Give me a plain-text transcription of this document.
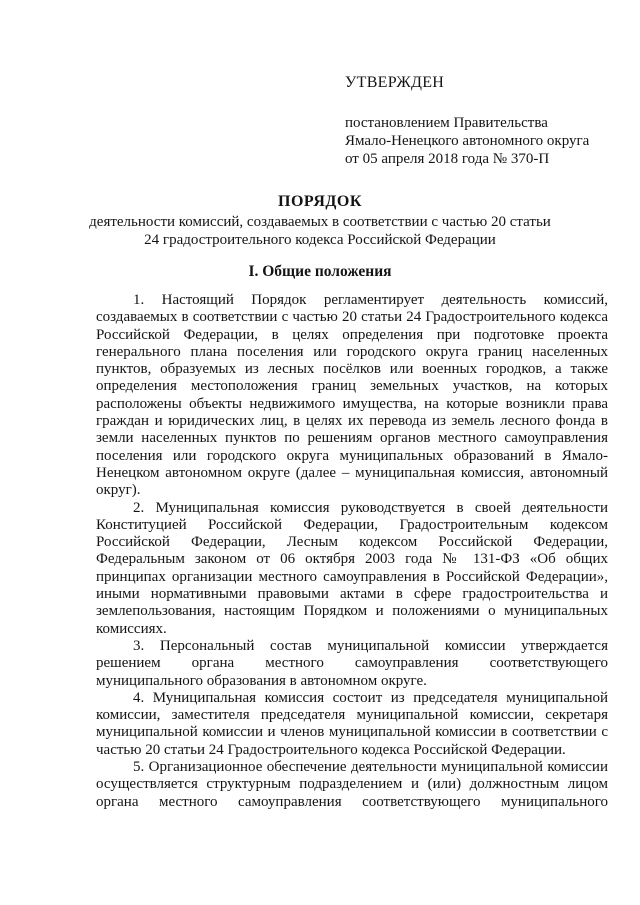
УТВЕРЖДЕН
постановлением Правительства
Ямало-Ненецкого автономного округа
от 05 апреля 2018 года № 370-П
ПОРЯДОК
деятельности комиссий, создаваемых в соответствии с частью 20 статьи 24 градостроительного кодекса Российской Федерации
I. Общие положения

1. Настоящий Порядок регламентирует деятельность комиссий, создаваемых в соответствии с частью 20 статьи 24 Градостроительного кодекса Российской Федерации, в целях определения при подготовке проекта генерального плана поселения или городского округа границ населенных пунктов, образуемых из лесных посёлков или военных городков, а также определения местоположения границ земельных участков, на которых расположены объекты недвижимого имущества, на которые возникли права граждан и юридических лиц, в целях их перевода из земель лесного фонда в земли населенных пунктов по решениям органов местного самоуправления поселения или городского округа муниципальных образований в Ямало-Ненецком автономном округе (далее – муниципальная комиссия, автономный округ).

2. Муниципальная комиссия руководствуется в своей деятельности Конституцией Российской Федерации, Градостроительным кодексом Российской Федерации, Лесным кодексом Российской Федерации, Федеральным законом от 06 октября 2003 года № 131-ФЗ «Об общих принципах организации местного самоуправления в Российской Федерации», иными нормативными правовыми актами в сфере градостроительства и землепользования, настоящим Порядком и положениями о муниципальных комиссиях.

3. Персональный состав муниципальной комиссии утверждается решением органа местного самоуправления соответствующего муниципального образования в автономном округе.

4. Муниципальная комиссия состоит из председателя муниципальной комиссии, заместителя председателя муниципальной комиссии, секретаря муниципальной комиссии и членов муниципальной комиссии в соответствии с частью 20 статьи 24 Градостроительного кодекса Российской Федерации.

5. Организационное обеспечение деятельности муниципальной комиссии осуществляется структурным подразделением и (или) должностным лицом органа местного самоуправления соответствующего муниципального
